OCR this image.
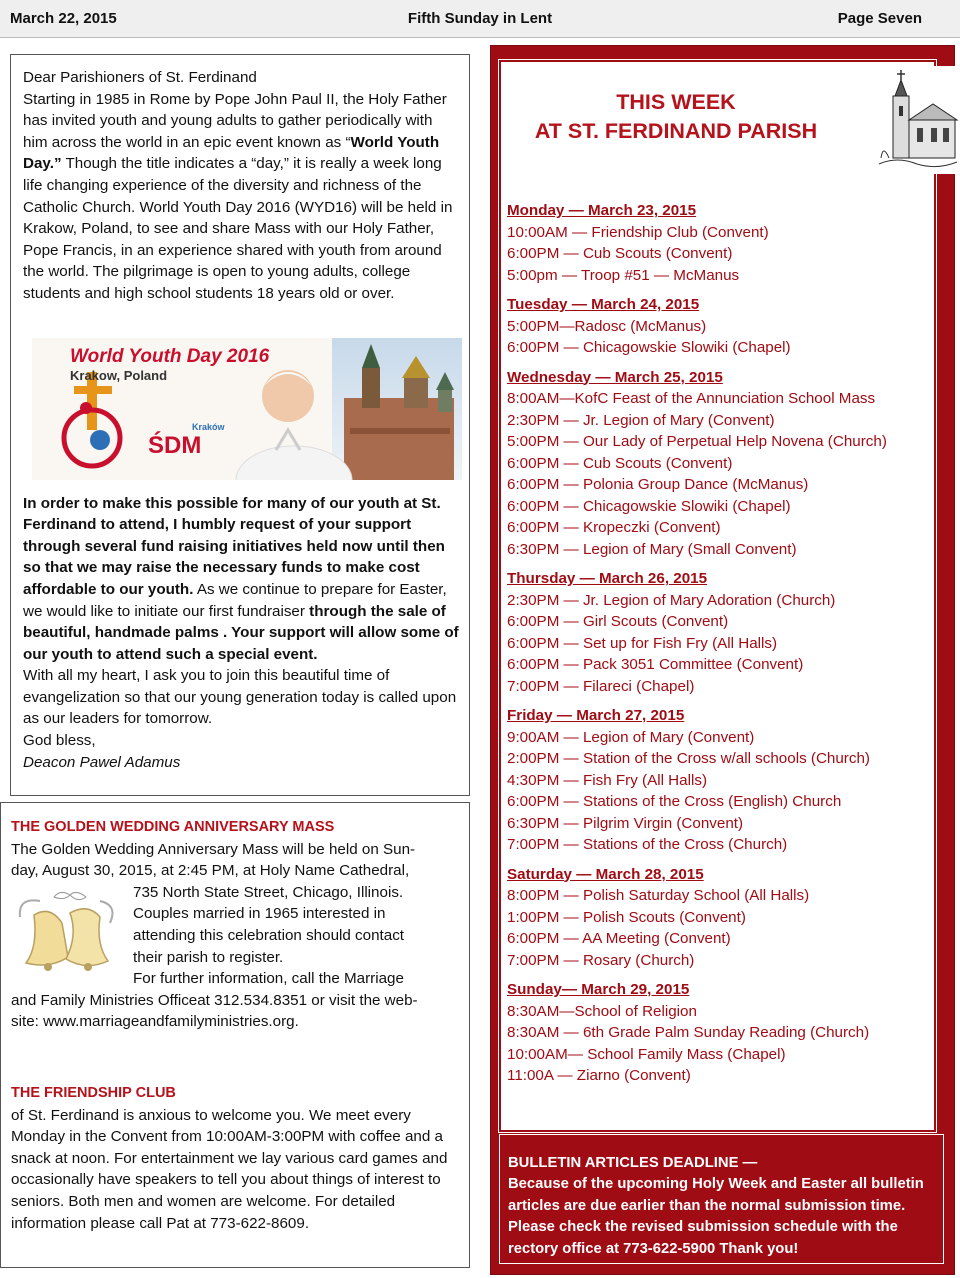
March 22, 2015	Fifth Sunday in Lent	Page Seven

Dear Parishioners of St. Ferdinand

Starting in 1985 in Rome by Pope John Paul II, the Holy Father has invited youth and young adults to gather periodically with him across the world in an epic event known as “World Youth Day.” Though the title indicates a “day,” it is really a week long life changing experience of the diversity and richness of the Catholic Church. World Youth Day 2016 (WYD16) will be held in Krakow, Poland, to see and share Mass with our Holy Father, Pope Francis, in an experience shared with youth from around the world. The pilgrimage is open to young adults, college students and high school students 18 years old or over.

In order to make this possible for many of our youth at St. Ferdinand to attend, I humbly request of your support through several fund raising initiatives held now until then so that we may raise the necessary funds to make cost affordable to our youth. As we continue to prepare for Easter, we would like to initiate our first fundraiser through the sale of beautiful, handmade palms . Your support will allow some of our youth to attend such a special event.

With all my heart, I ask you to join this beautiful time of evangelization so that our young generation today is called upon as our leaders for tomorrow.

God bless,

Deacon Pawel Adamus

World Youth Day 2016
Krakow, Poland
Kraków
ŚDM
THE GOLDEN WEDDING ANNIVERSARY MASS
The Golden Wedding Anniversary Mass will be held on Sun-
day, August 30, 2015, at 2:45 PM, at Holy Name Cathedral,
735 North State Street, Chicago, Illinois.
Couples married in 1965 interested in
attending this celebration should contact
their parish to register.
For further information, call the Marriage
and Family Ministries Officeat 312.534.8351 or visit the web-
site: www.marriageandfamilyministries.org.
THE FRIENDSHIP CLUB
of St. Ferdinand is anxious to welcome you. We meet every Monday in the Convent from 10:00AM-3:00PM with coffee and a snack at noon. For entertainment we lay various card games and occasionally have speakers to tell you about things of interest to seniors. Both men and women are welcome. For detailed information please call Pat at 773-622-8609.
THIS WEEK
AT ST. FERDINAND PARISH
Monday — March 23, 2015
10:00AM — Friendship Club (Convent)
6:00PM — Cub Scouts (Convent)
5:00pm — Troop #51 — McManus
Tuesday — March 24, 2015
5:00PM—Radosc (McManus)
6:00PM — Chicagowskie Slowiki (Chapel)
Wednesday — March 25, 2015
8:00AM—KofC Feast of the Annunciation School Mass
2:30PM — Jr. Legion of Mary (Convent)
5:00PM — Our Lady of Perpetual Help Novena (Church)
6:00PM — Cub Scouts (Convent)
6:00PM — Polonia Group Dance (McManus)
6:00PM — Chicagowskie Slowiki (Chapel)
6:00PM — Kropeczki (Convent)
6:30PM — Legion of Mary (Small Convent)
Thursday — March 26, 2015
2:30PM — Jr. Legion of Mary Adoration (Church)
6:00PM — Girl Scouts (Convent)
6:00PM — Set up for Fish Fry (All Halls)
6:00PM — Pack 3051 Committee (Convent)
7:00PM — Filareci (Chapel)
Friday — March 27, 2015
9:00AM — Legion of Mary (Convent)
2:00PM — Station of the Cross w/all schools (Church)
4:30PM — Fish Fry (All Halls)
6:00PM — Stations of the Cross (English) Church
6:30PM — Pilgrim Virgin (Convent)
7:00PM — Stations of the Cross (Church)
Saturday — March 28, 2015
8:00PM — Polish Saturday School (All Halls)
1:00PM — Polish Scouts (Convent)
6:00PM — AA Meeting (Convent)
7:00PM — Rosary (Church)
Sunday— March 29, 2015
8:30AM—School of Religion
8:30AM — 6th Grade Palm Sunday Reading (Church)
10:00AM— School Family Mass (Chapel)
11:00A — Ziarno (Convent)
BULLETIN ARTICLES DEADLINE —
Because of the upcoming Holy Week and Easter all bulletin articles are due earlier than the normal submission time. Please check the revised submission schedule with the rectory office at 773-622-5900 Thank you!
